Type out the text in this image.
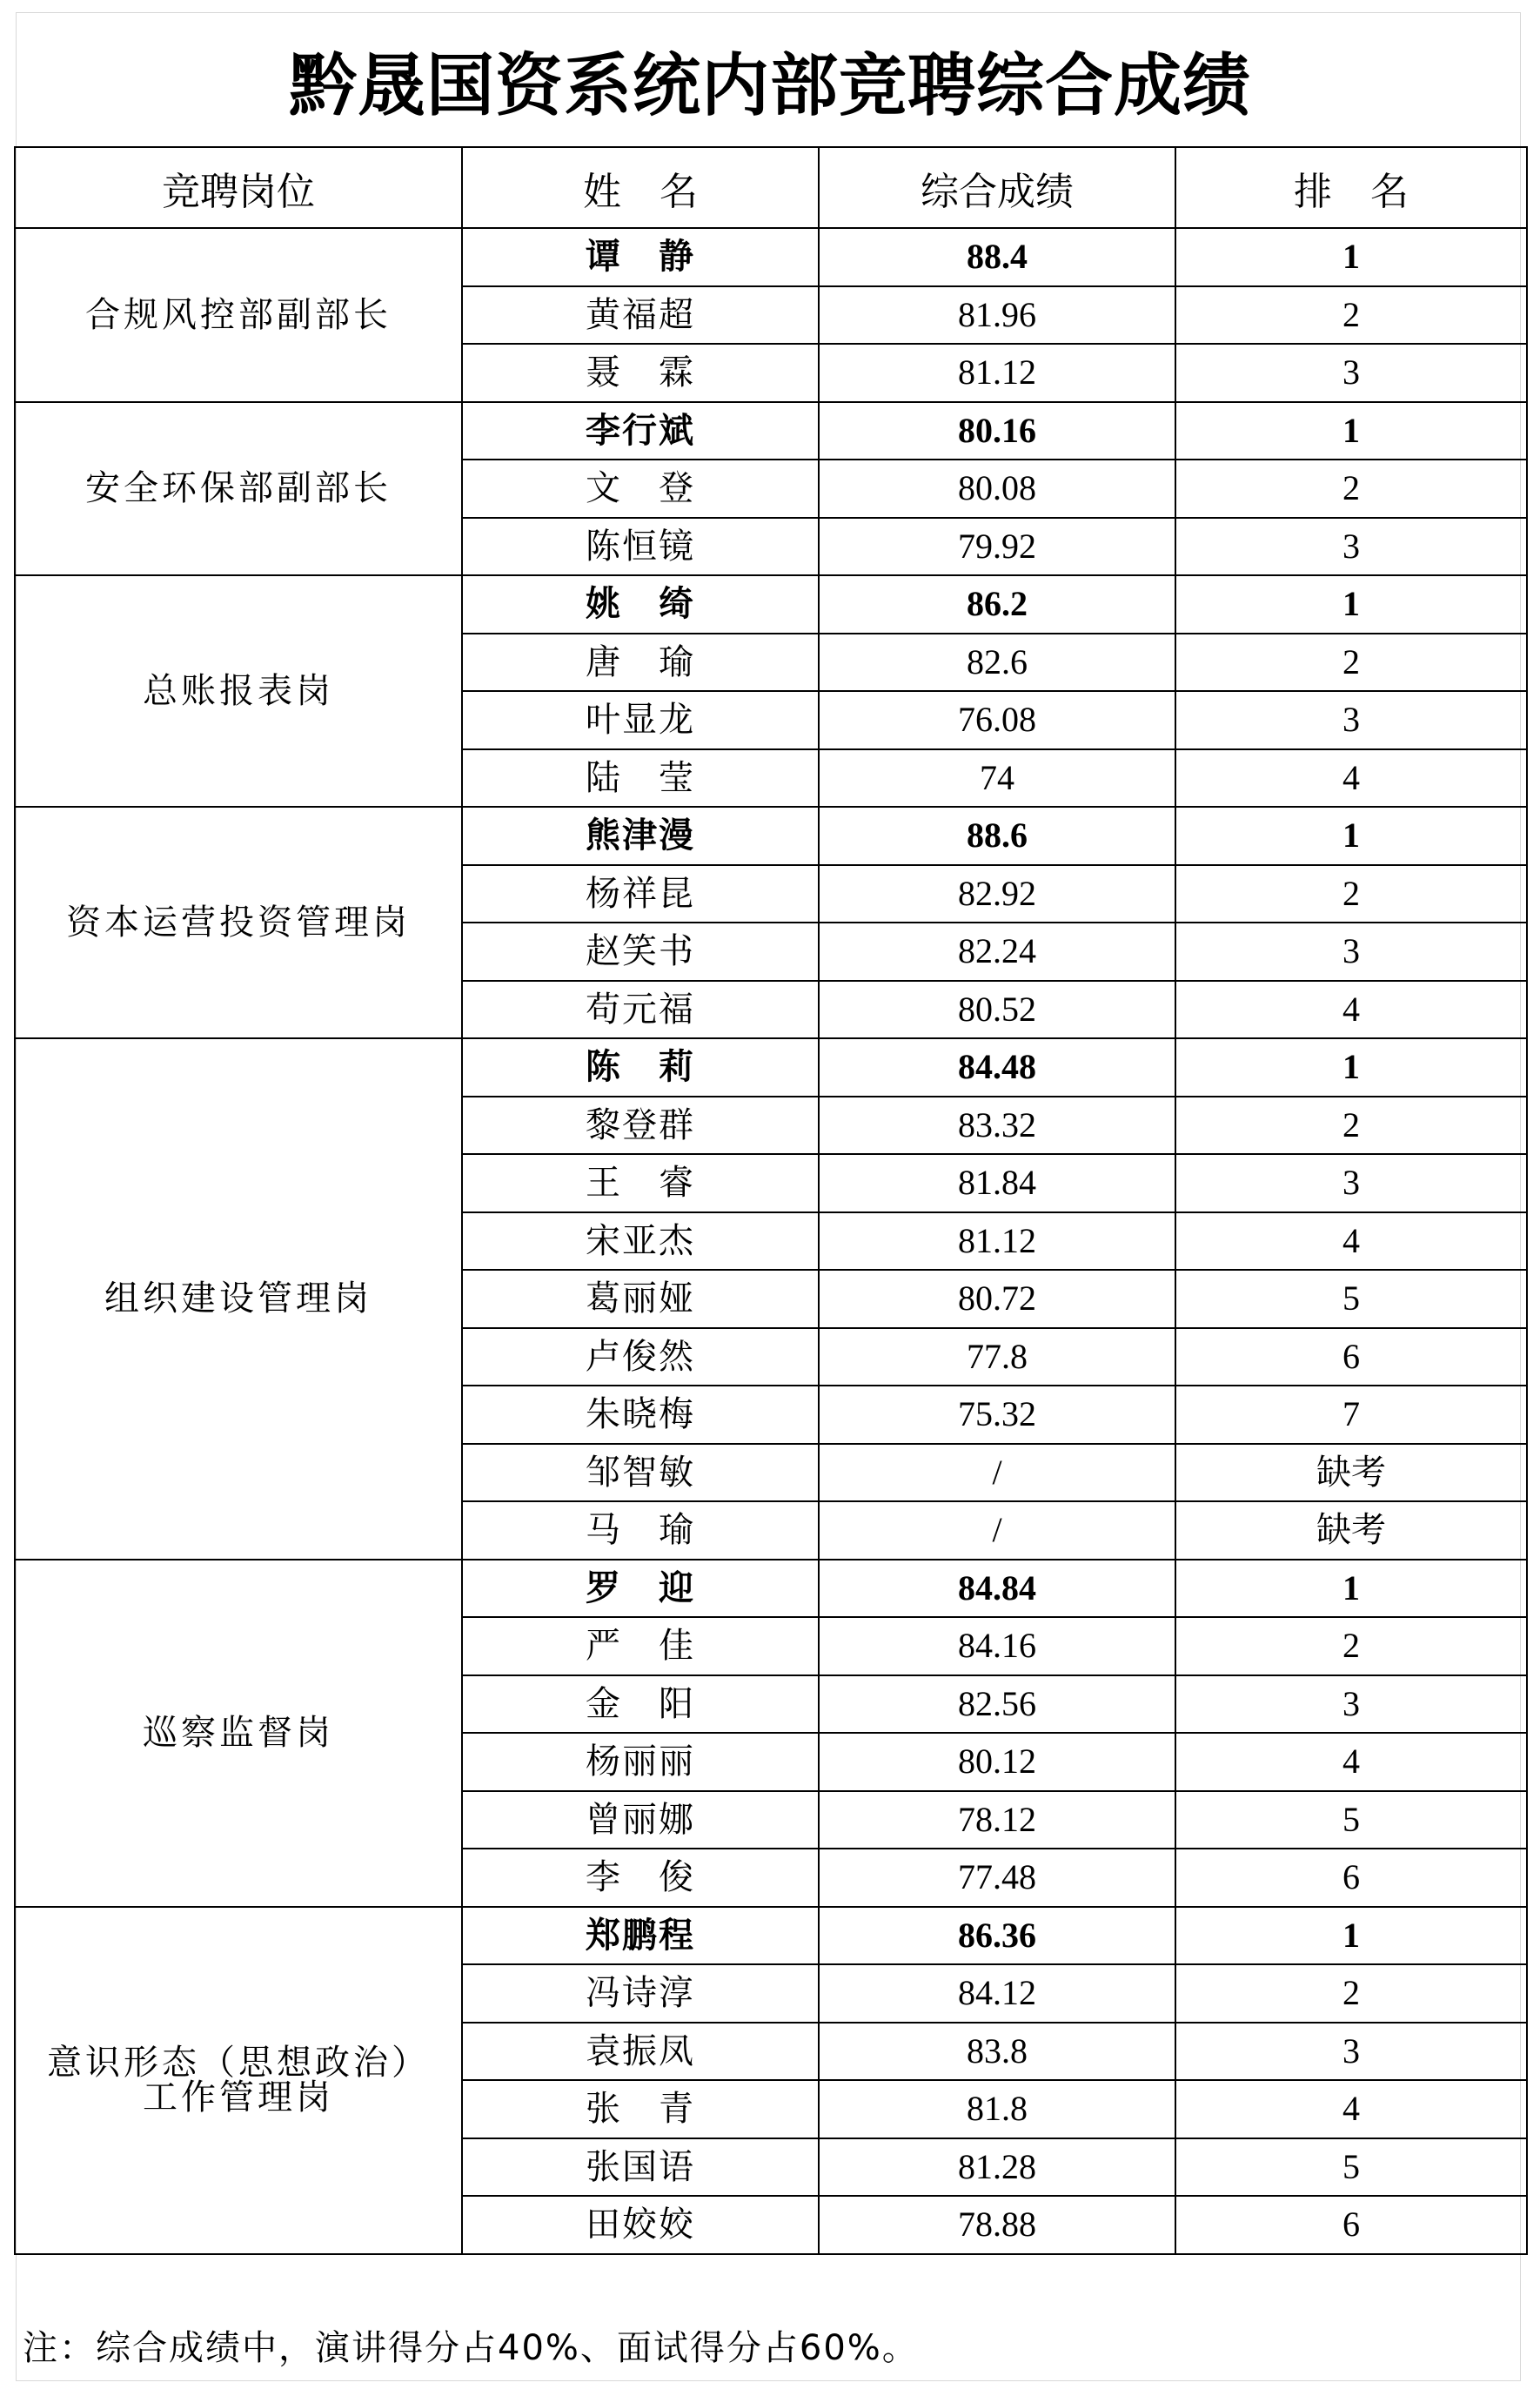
黔晟国资系统内部竞聘综合成绩
竞聘岗位	姓　名	综合成绩	排　名
合规风控部副部长	谭　静	88.4	1
	黄福超	81.96	2
	聂　霖	81.12	3
安全环保部副部长	李行斌	80.16	1
	文　登	80.08	2
	陈恒镜	79.92	3
总账报表岗	姚　绮	86.2	1
	唐　瑜	82.6	2
	叶显龙	76.08	3
	陆　莹	74	4
资本运营投资管理岗	熊津漫	88.6	1
	杨祥昆	82.92	2
	赵笑书	82.24	3
	苟元福	80.52	4
组织建设管理岗	陈　莉	84.48	1
	黎登群	83.32	2
	王　睿	81.84	3
	宋亚杰	81.12	4
	葛丽娅	80.72	5
	卢俊然	77.8	6
	朱晓梅	75.32	7
	邹智敏	/	缺考
	马　瑜	/	缺考
巡察监督岗	罗　迎	84.84	1
	严　佳	84.16	2
	金　阳	82.56	3
	杨丽丽	80.12	4
	曾丽娜	78.12	5
	李　俊	77.48	6
意识形态（思想政治）
工作管理岗	郑鹏程	86.36	1
	冯诗淳	84.12	2
	袁振凤	83.8	3
	张　青	81.8	4
	张国语	81.28	5
	田姣姣	78.88	6
注：综合成绩中，演讲得分占40%、面试得分占60%。
